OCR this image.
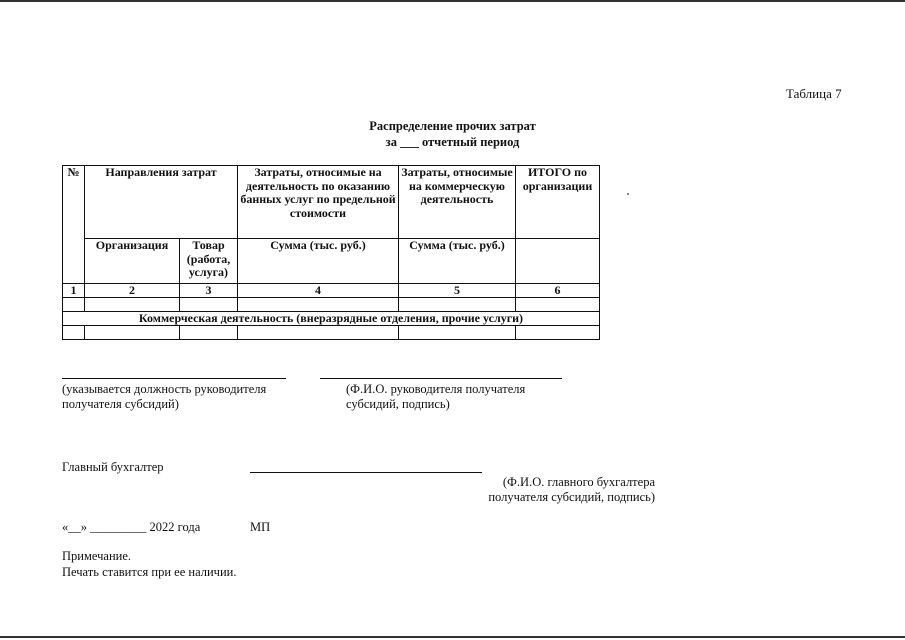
Таблица 7
Распределение прочих затрат
за ___ отчетный период
№	Направления затрат		Затраты, относимые на деятельность по оказанию банных услуг по предельной стоимости	Затраты, относимые на коммерческую деятельность	ИТОГО по организации
	Организация	Товар (работа, услуга)	Сумма (тыс. руб.)	Сумма (тыс. руб.)	
1	2	3	4	5	6

Коммерческая деятельность (внеразрядные отделения, прочие услуги)					

(указывается должность руководителя получателя субсидий)
(Ф.И.О. руководителя получателя субсидий, подпись)
Главный бухгалтер
(Ф.И.О. главного бухгалтера получателя субсидий, подпись)
«__» _________ 2022 года	МП
Примечание.
Печать ставится при ее наличии.
